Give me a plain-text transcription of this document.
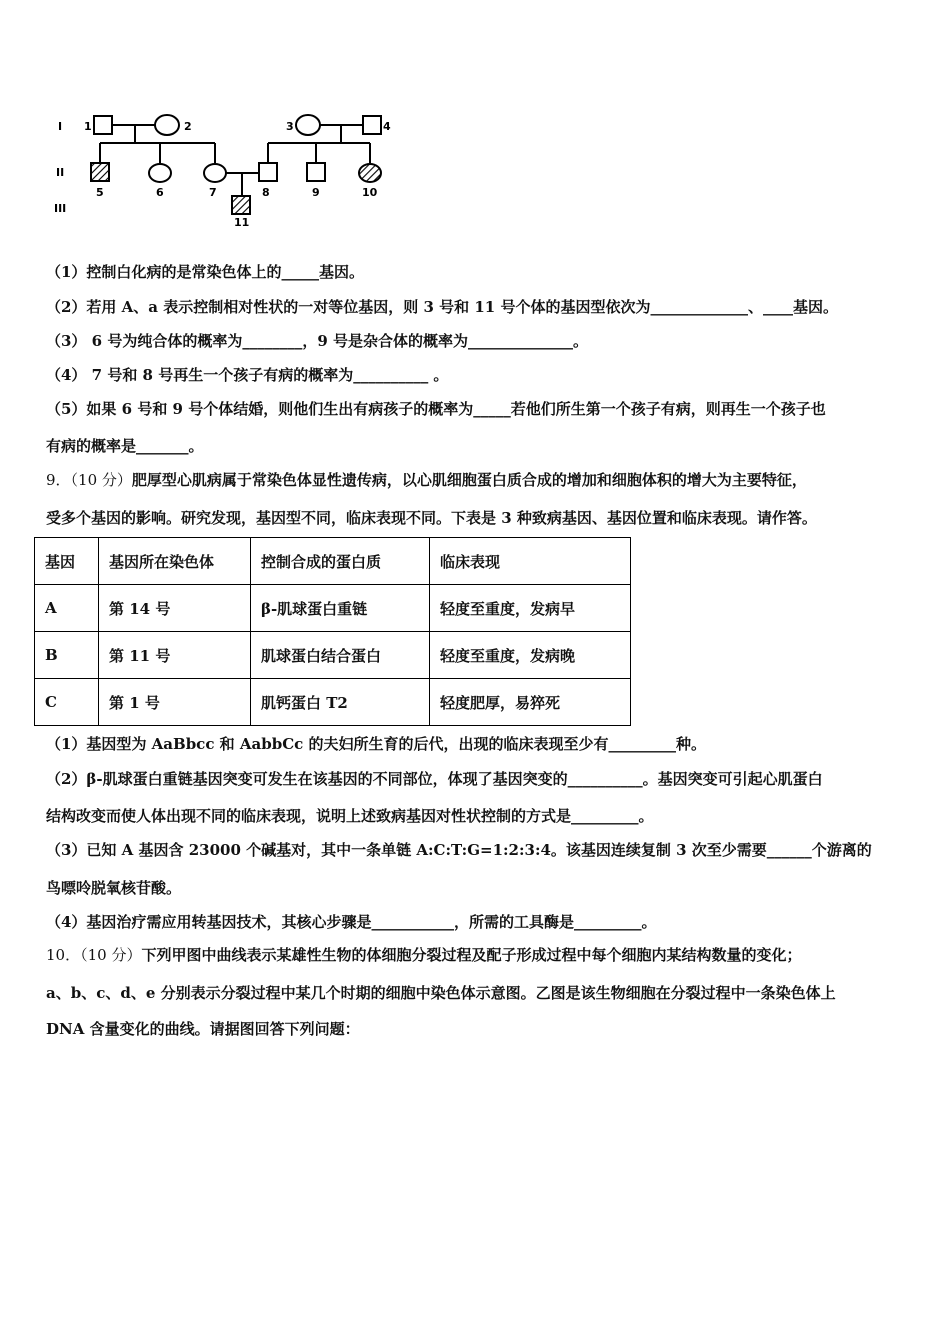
I
II
III
1	2	3	4
5	6	7	8	9	10
11
（1）控制白化病的是常染色体上的_____基因。
（2）若用 A、a 表示控制相对性状的一对等位基因，则 3 号和 11 号个体的基因型依次为_____________、____基因。
（3） 6 号为纯合体的概率为________，9 号是杂合体的概率为______________。
（4） 7 号和 8 号再生一个孩子有病的概率为__________ 。
（5）如果 6 号和 9 号个体结婚，则他们生出有病孩子的概率为_____若他们所生第一个孩子有病，则再生一个孩子也
有病的概率是_______。
9．（10 分）肥厚型心肌病属于常染色体显性遗传病，以心肌细胞蛋白质合成的增加和细胞体积的增大为主要特征，
受多个基因的影响。研究发现，基因型不同，临床表现不同。下表是 3 种致病基因、基因位置和临床表现。请作答。
基因	基因所在染色体	控制合成的蛋白质	临床表现
A	第 14 号	β-肌球蛋白重链	轻度至重度，发病早
B	第 11 号	肌球蛋白结合蛋白	轻度至重度，发病晚
C	第 1 号	肌钙蛋白 T2	轻度肥厚，易猝死
（1）基因型为 AaBbcc 和 AabbCc 的夫妇所生育的后代，出现的临床表现至少有_________种。
（2）β-肌球蛋白重链基因突变可发生在该基因的不同部位，体现了基因突变的__________。基因突变可引起心肌蛋白
结构改变而使人体出现不同的临床表现，说明上述致病基因对性状控制的方式是_________。
（3）已知 A 基因含 23000 个碱基对，其中一条单链 A:C:T:G=1:2:3:4。该基因连续复制 3 次至少需要______个游离的
鸟嘌呤脱氧核苷酸。
（4）基因治疗需应用转基因技术，其核心步骤是___________，所需的工具酶是_________。
10．（10 分）下列甲图中曲线表示某雄性生物的体细胞分裂过程及配子形成过程中每个细胞内某结构数量的变化；
a、b、c、d、e 分别表示分裂过程中某几个时期的细胞中染色体示意图。乙图是该生物细胞在分裂过程中一条染色体上
DNA 含量变化的曲线。请据图回答下列问题：
